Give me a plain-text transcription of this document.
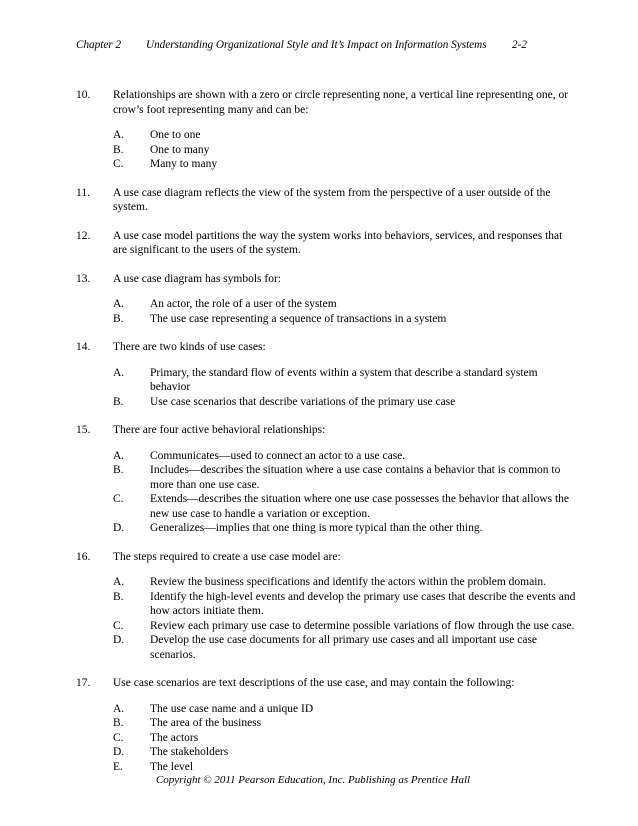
Chapter 2 Understanding Organizational Style and It’s Impact on Information Systems 2-2
10. Relationships are shown with a zero or circle representing none, a vertical line representing one, or crow’s foot representing many and can be:
A. One to one
B. One to many
C. Many to many
11. A use case diagram reflects the view of the system from the perspective of a user outside of the system.
12. A use case model partitions the way the system works into behaviors, services, and responses that are significant to the users of the system.
13. A use case diagram has symbols for:
A. An actor, the role of a user of the system
B. The use case representing a sequence of transactions in a system
14. There are two kinds of use cases:
A. Primary, the standard flow of events within a system that describe a standard system behavior
B. Use case scenarios that describe variations of the primary use case
15. There are four active behavioral relationships:
A. Communicates—used to connect an actor to a use case.
B. Includes—describes the situation where a use case contains a behavior that is common to more than one use case.
C. Extends—describes the situation where one use case possesses the behavior that allows the new use case to handle a variation or exception.
D. Generalizes—implies that one thing is more typical than the other thing.
16. The steps required to create a use case model are:
A. Review the business specifications and identify the actors within the problem domain.
B. Identify the high-level events and develop the primary use cases that describe the events and how actors initiate them.
C. Review each primary use case to determine possible variations of flow through the use case.
D. Develop the use case documents for all primary use cases and all important use case scenarios.
17. Use case scenarios are text descriptions of the use case, and may contain the following:
A. The use case name and a unique ID
B. The area of the business
C. The actors
D. The stakeholders
E. The level
Copyright © 2011 Pearson Education, Inc. Publishing as Prentice Hall
